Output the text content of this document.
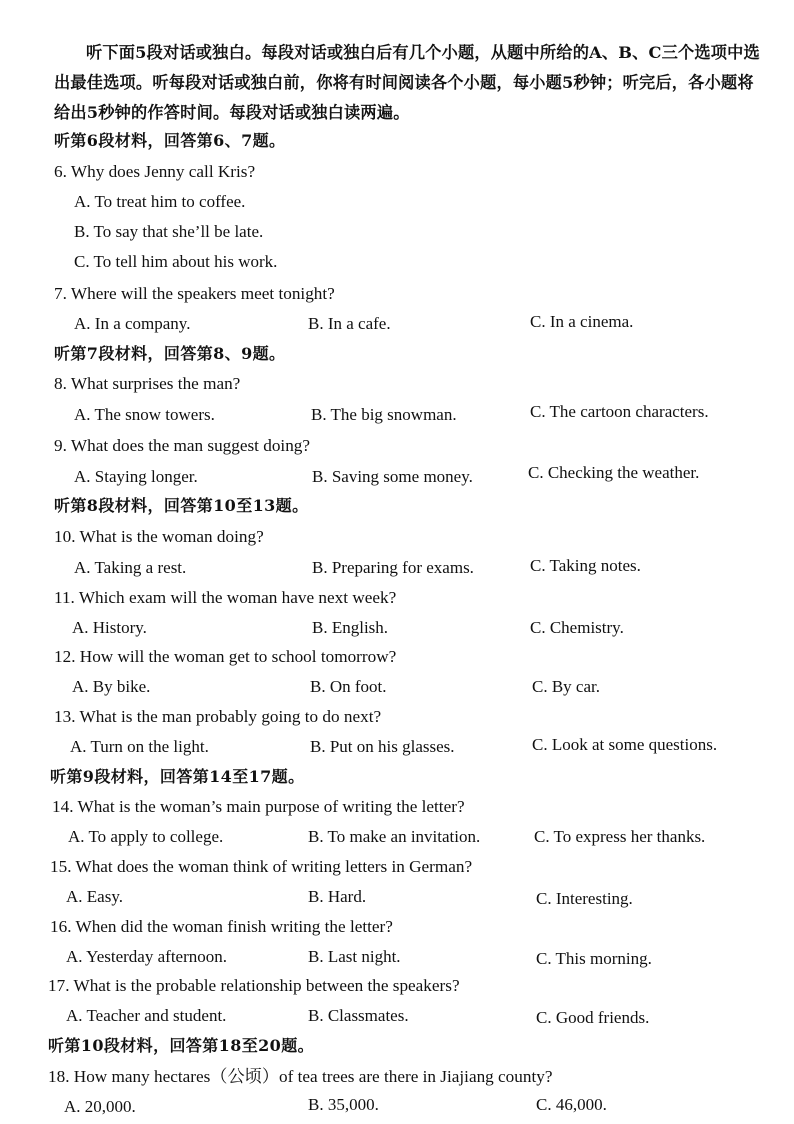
听下面5段对话或独白。每段对话或独白后有几个小题，从题中所给的A、B、C三个选项中选出最佳选项。听每段对话或独白前，你将有时间阅读各个小题，每小题5秒钟；听完后，各小题将给出5秒钟的作答时间。每段对话或独白读两遍。

听第6段材料，回答第6、7题。
6. Why does Jenny call Kris?
A. To treat him to coffee.
B. To say that she’ll be late.
C. To tell him about his work.
7. Where will the speakers meet tonight?
A. In a company.	B. In a cafe.	C. In a cinema.
听第7段材料，回答第8、9题。
8. What surprises the man?
A. The snow towers.	B. The big snowman.	C. The cartoon characters.
9. What does the man suggest doing?
A. Staying longer.	B. Saving some money.	C. Checking the weather.
听第8段材料，回答第10至13题。
10. What is the woman doing?
A. Taking a rest.	B. Preparing for exams.	C. Taking notes.
11. Which exam will the woman have next week?
A. History.	B. English.	C. Chemistry.
12. How will the woman get to school tomorrow?
A. By bike.	B. On foot.	C. By car.
13. What is the man probably going to do next?
A. Turn on the light.	B. Put on his glasses.	C. Look at some questions.
听第9段材料，回答第14至17题。
14. What is the woman’s main purpose of writing the letter?
A. To apply to college.	B. To make an invitation.	C. To express her thanks.
15. What does the woman think of writing letters in German?
A. Easy.	B. Hard.	C. Interesting.
16. When did the woman finish writing the letter?
A. Yesterday afternoon.	B. Last night.	C. This morning.
17. What is the probable relationship between the speakers?
A. Teacher and student.	B. Classmates.	C. Good friends.
听第10段材料，回答第18至20题。
18. How many hectares（公顷）of tea trees are there in Jiajiang county?
A. 20,000.	B. 35,000.	C. 46,000.
